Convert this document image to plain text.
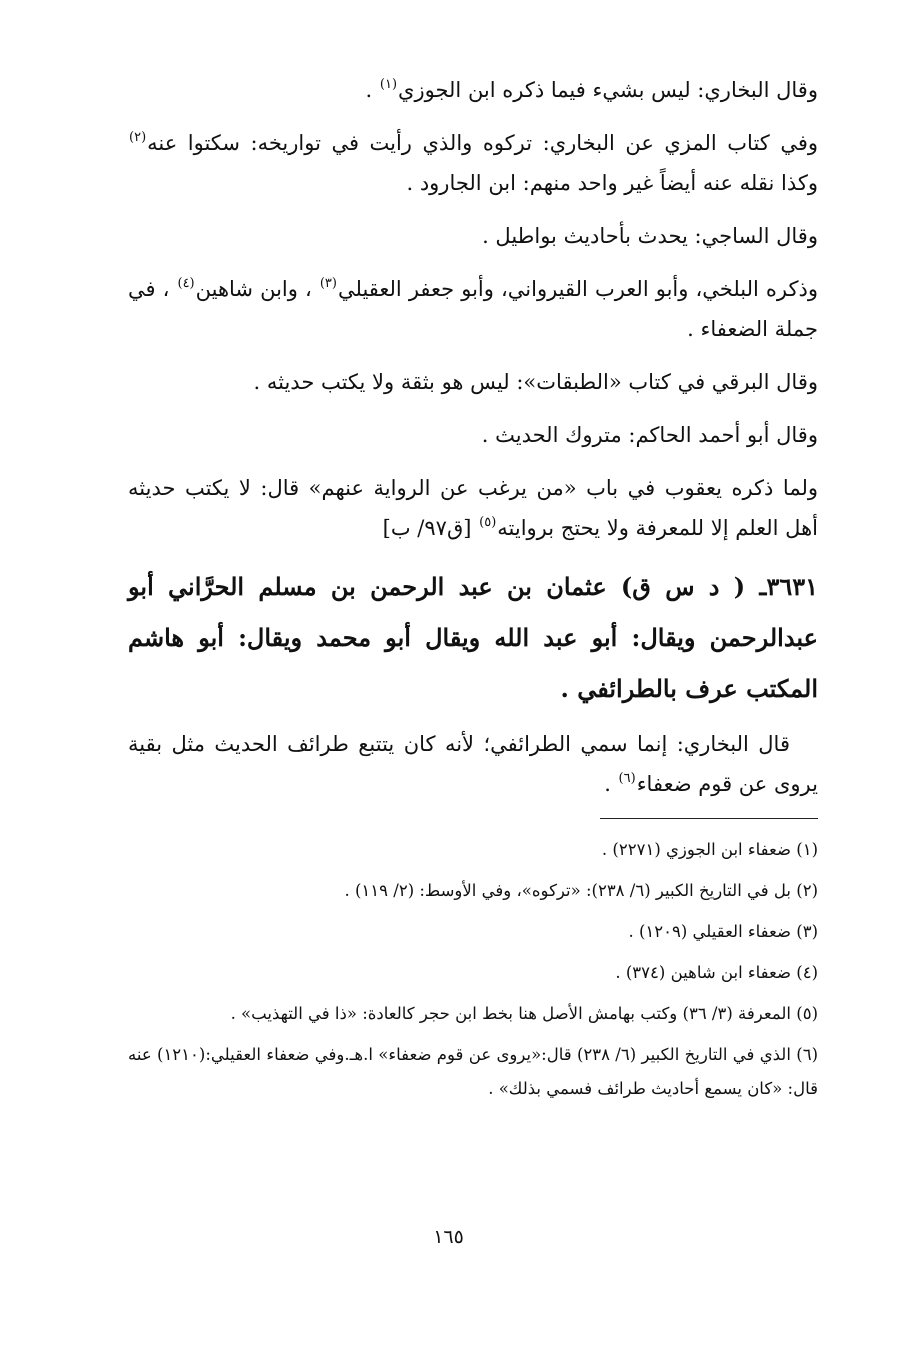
وقال البخاري: ليس بشيء فيما ذكره ابن الجوزي$^{(١)}$ .

وفي كتاب المزي عن البخاري: تركوه والذي رأيت في تواريخه: سكتوا عنه$^{(٢)}$ وكذا نقله عنه أيضاً غير واحد منهم: ابن الجارود .

وقال الساجي: يحدث بأحاديث بواطيل .

وذكره البلخي، وأبو العرب القيرواني، وأبو جعفر العقيلي$^{(٣)}$ ، وابن شاهين$^{(٤)}$ ، في جملة الضعفاء .

وقال البرقي في كتاب «الطبقات»: ليس هو بثقة ولا يكتب حديثه .

وقال أبو أحمد الحاكم: متروك الحديث .

ولما ذكره يعقوب في باب «من يرغب عن الرواية عنهم» قال: لا يكتب حديثه أهل العلم إلا للمعرفة ولا يحتج بروايته$^{(٥)}$ [ق٩٧/ ب]

٣٦٣١ـ ( د س ق) عثمان بن عبد الرحمن بن مسلم الحرَّاني أبو عبدالرحمن ويقال: أبو عبد الله ويقال أبو محمد ويقال: أبو هاشم المكتب عرف بالطرائفي .

قال البخاري: إنما سمي الطرائفي؛ لأنه كان يتتبع طرائف الحديث مثل بقية يروى عن قوم ضعفاء$^{(٦)}$ .

(١) ضعفاء ابن الجوزي (٢٢٧١) .

(٢) بل في التاريخ الكبير (٦/ ٢٣٨): «تركوه»، وفي الأوسط: (٢/ ١١٩) .

(٣) ضعفاء العقيلي (١٢٠٩) .

(٤) ضعفاء ابن شاهين (٣٧٤) .

(٥) المعرفة (٣/ ٣٦) وكتب بهامش الأصل هنا بخط ابن حجر كالعادة: «ذا في التهذيب» .

(٦) الذي في التاريخ الكبير (٦/ ٢٣٨) قال:«يروى عن قوم ضعفاء» ا.هـ.وفي ضعفاء العقيلي:(١٢١٠) عنه قال: «كان يسمع أحاديث طرائف فسمي بذلك» .

١٦٥
